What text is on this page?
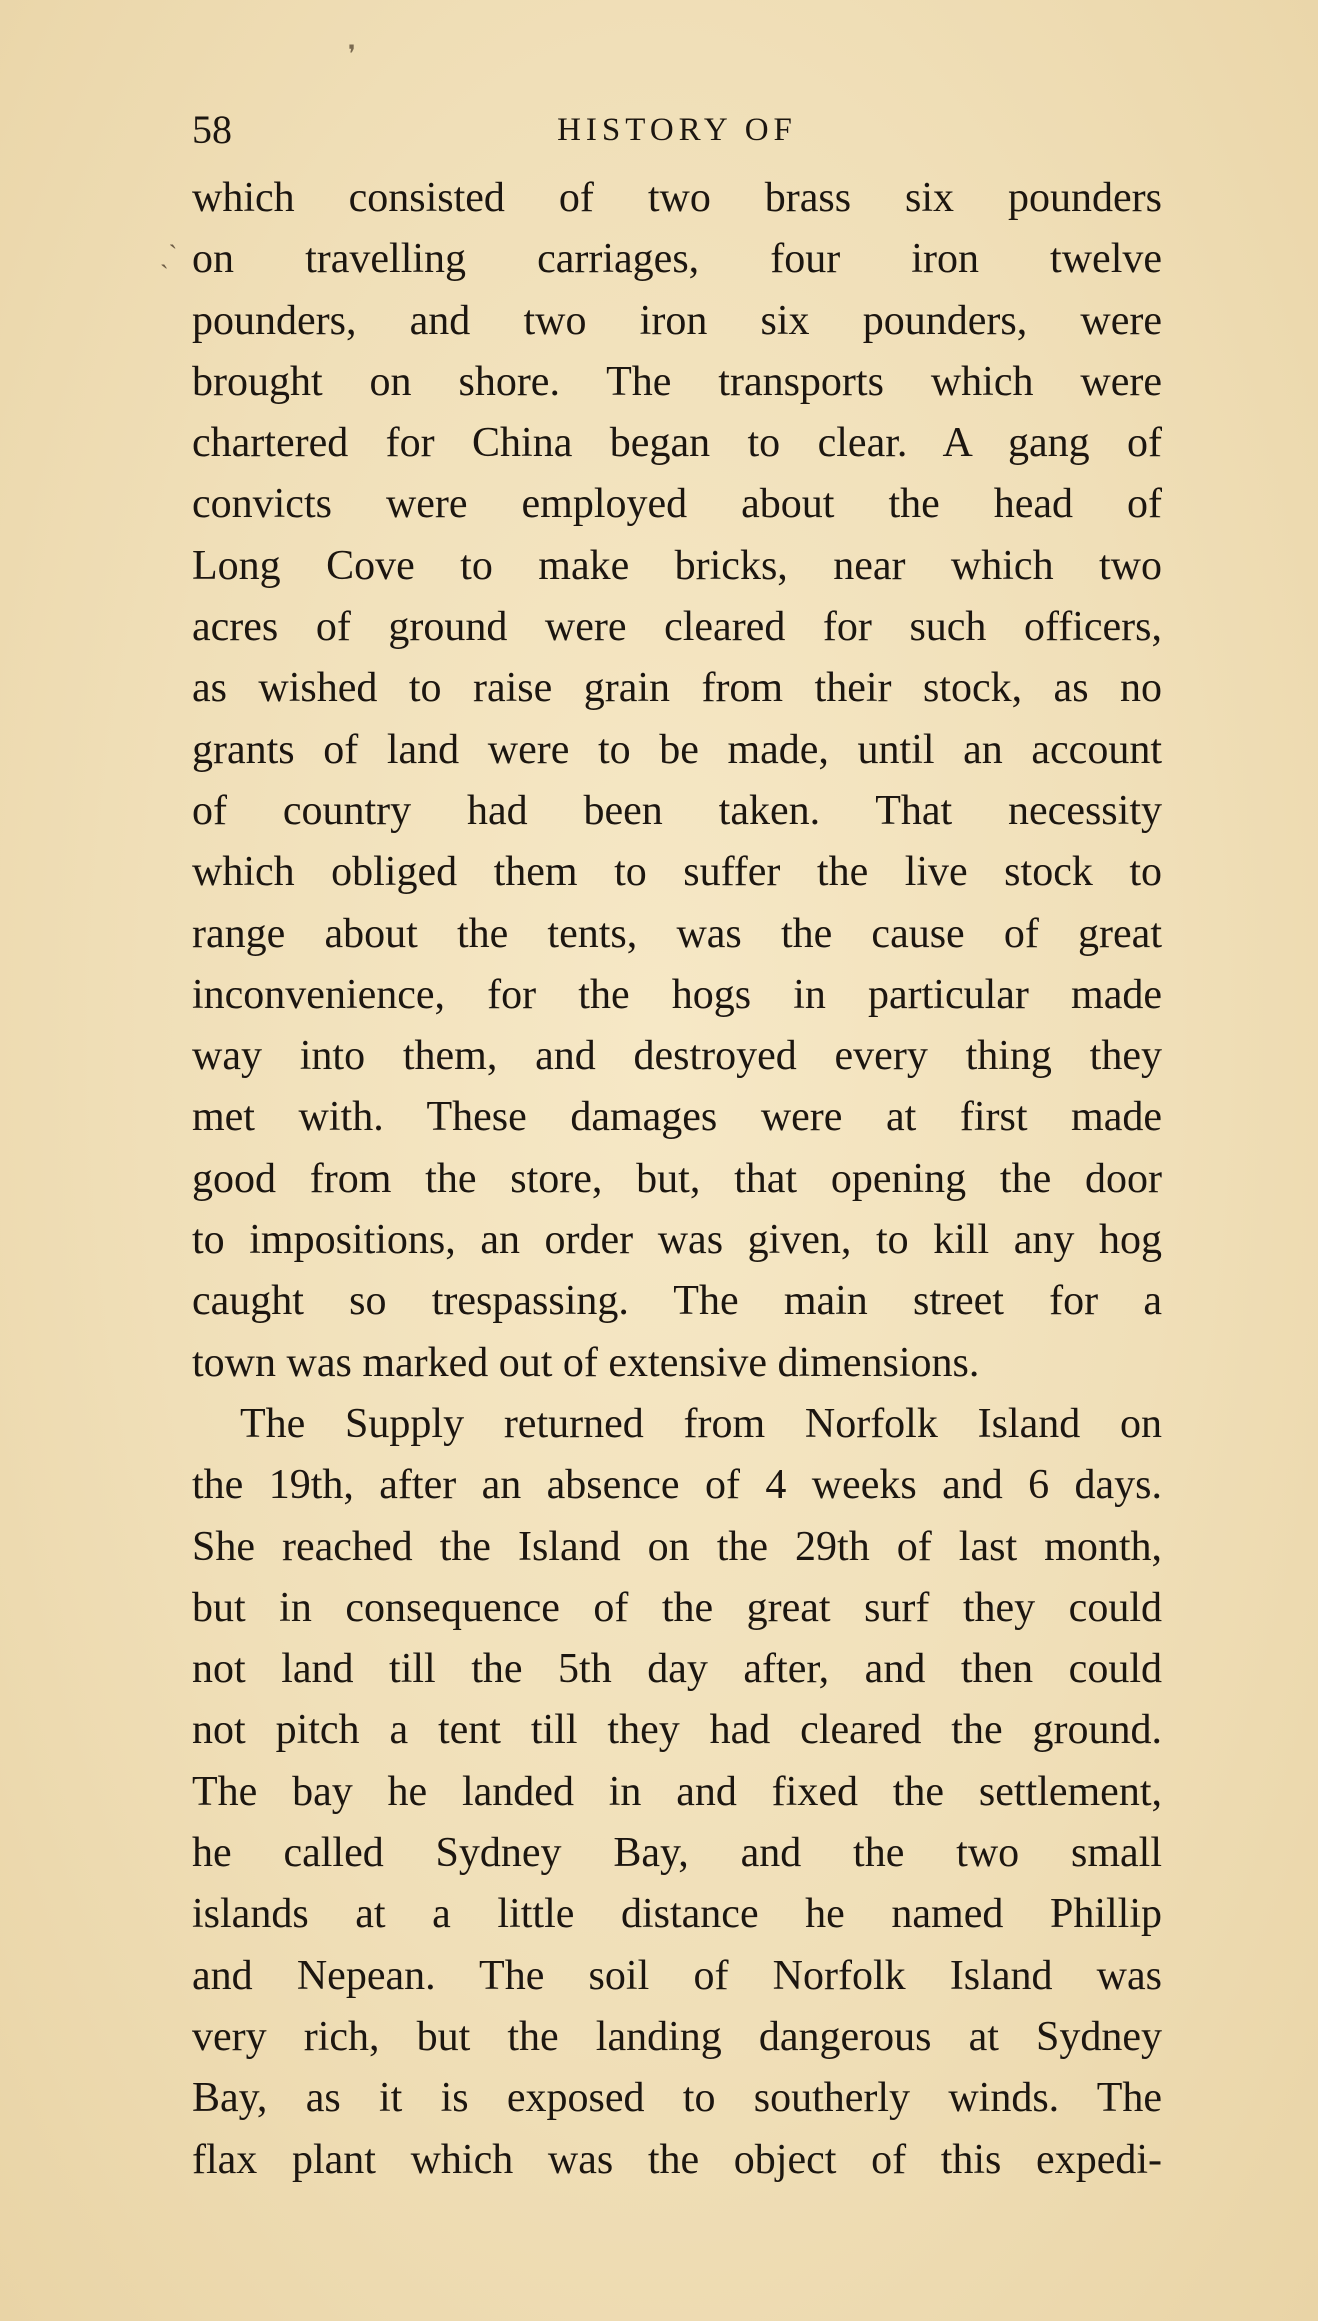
❜
58	HISTORY OF
ˏ`
which consisted of two brass six pounders
on travelling carriages, four iron twelve
pounders, and two iron six pounders, were
brought on shore. The transports which were
chartered for China began to clear. A gang of
convicts were employed about the head of
Long Cove to make bricks, near which two
acres of ground were cleared for such officers,
as wished to raise grain from their stock, as no
grants of land were to be made, until an account
of country had been taken. That necessity
which obliged them to suffer the live stock to
range about the tents, was the cause of great
inconvenience, for the hogs in particular made
way into them, and destroyed every thing they
met with. These damages were at first made
good from the store, but, that opening the door
to impositions, an order was given, to kill any hog
caught so trespassing. The main street for a
town was marked out of extensive dimensions.
The Supply returned from Norfolk Island on
the 19th, after an absence of 4 weeks and 6 days.
She reached the Island on the 29th of last month,
but in consequence of the great surf they could
not land till the 5th day after, and then could
not pitch a tent till they had cleared the ground.
The bay he landed in and fixed the settlement,
he called Sydney Bay, and the two small
islands at a little distance he named Phillip
and Nepean. The soil of Norfolk Island was
very rich, but the landing dangerous at Sydney
Bay, as it is exposed to southerly winds. The
flax plant which was the object of this expedi-
